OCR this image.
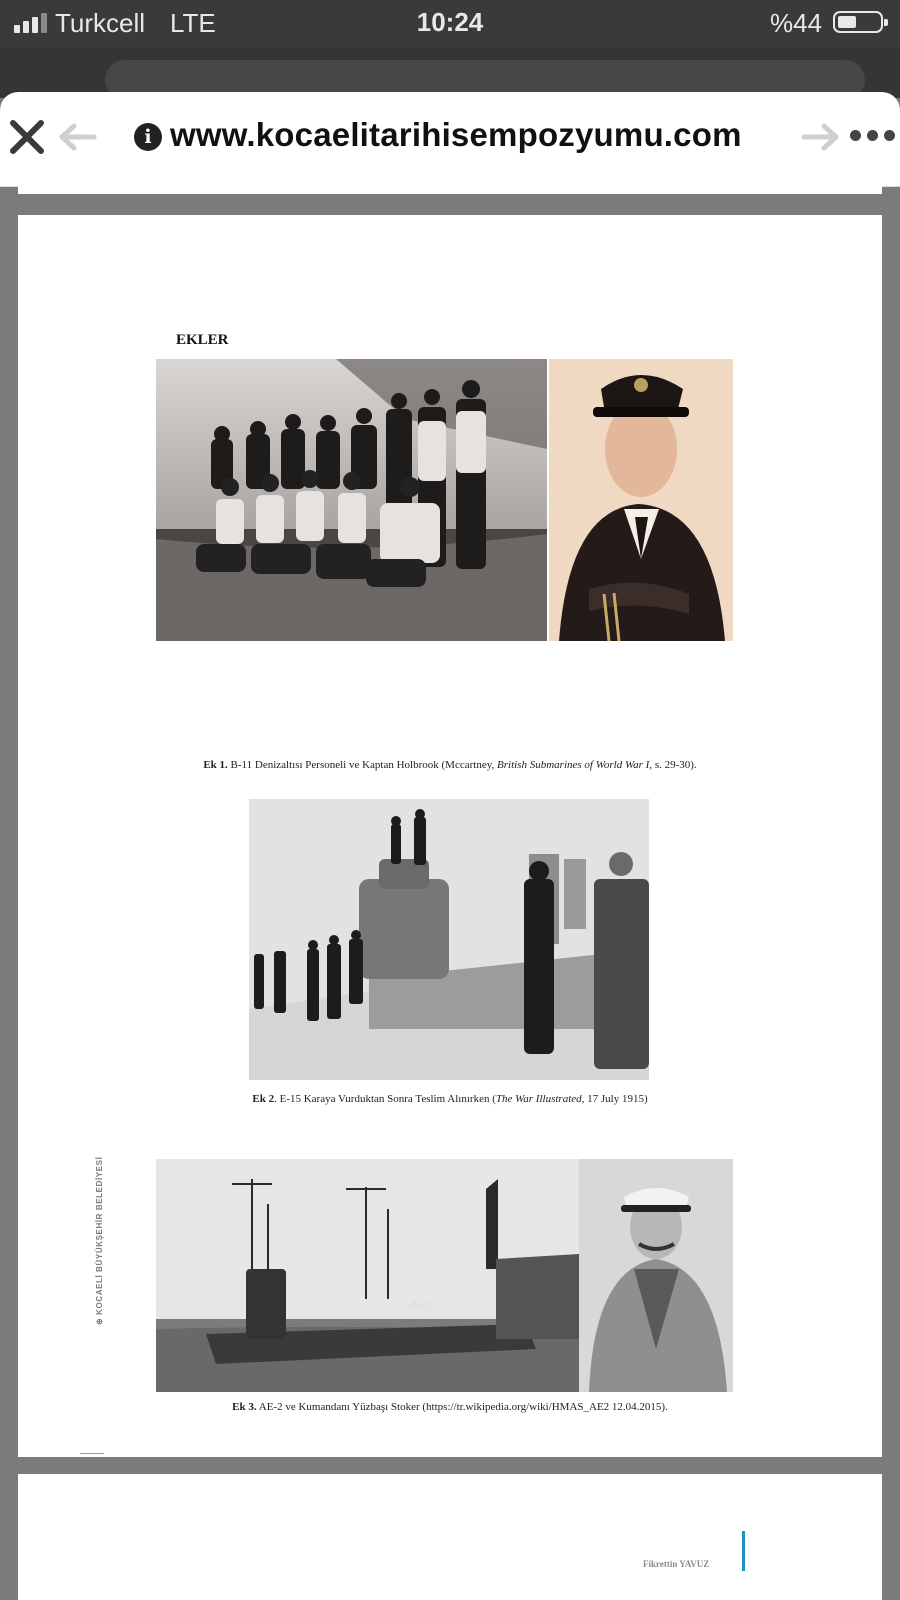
Turkcell LTE	10:24	%44
i www.kocaelitarihisempozyumu.com
EKLER
Ek 1. B-11 Denizaltısı Personeli ve Kaptan Holbrook (Mccartney, British Submarines of World War I, s. 29-30).
Ek 2. E-15 Karaya Vurduktan Sonra Teslim Alınırken (The War Illustrated, 17 July 1915)
AE2
Ek 3. AE-2 ve Kumandanı Yüzbaşı Stoker (https://tr.wikipedia.org/wiki/HMAS_AE2 12.04.2015).
⊕ KOCAELİ BÜYÜKŞEHİR BELEDİYESİ
Fikrettin YAVUZ
